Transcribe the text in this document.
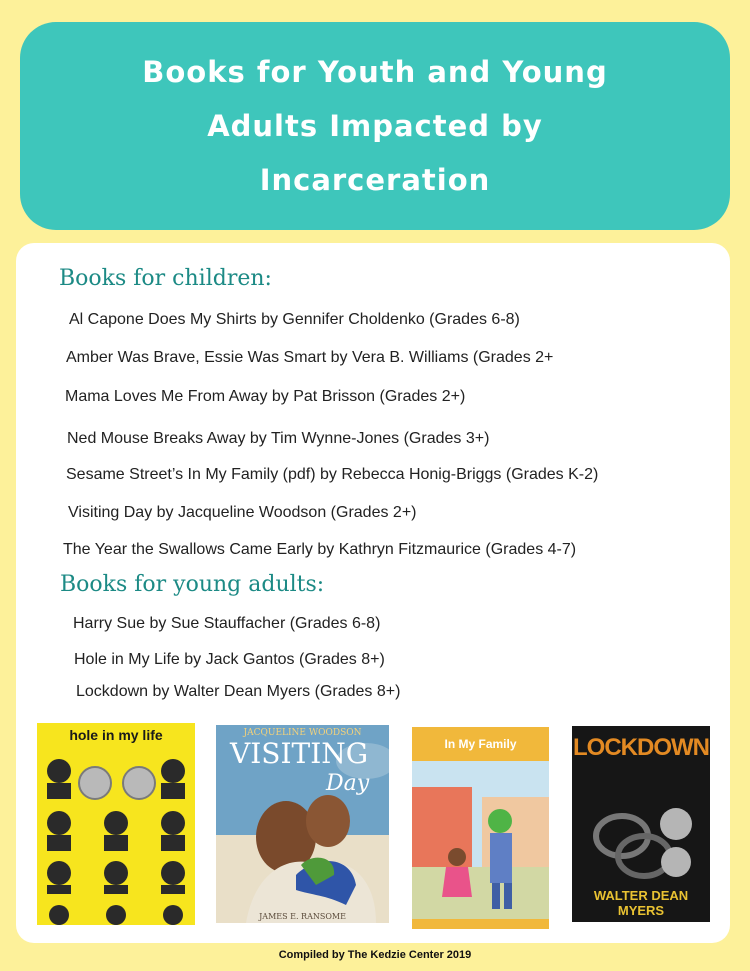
Books for Youth and Young Adults Impacted by Incarceration
Books for children:
Al Capone Does My Shirts by Gennifer Choldenko (Grades 6-8)
Amber Was Brave, Essie Was Smart by Vera B. Williams (Grades 2+
Mama Loves Me From Away by Pat Brisson (Grades 2+)
Ned Mouse Breaks Away by Tim Wynne-Jones (Grades 3+)
Sesame Street’s In My Family (pdf) by Rebecca Honig-Briggs (Grades K-2)
Visiting Day by Jacqueline Woodson (Grades 2+)
The Year the Swallows Came Early by Kathryn Fitzmaurice (Grades 4-7)
Books for young adults:
Harry Sue by Sue Stauffacher (Grades 6-8)
Hole in My Life by Jack Gantos (Grades 8+)
Lockdown by Walter Dean Myers (Grades 8+)
hole in my life	JACQUELINE WOODSON
VISITING
Day
JAMES E. RANSOME
In My Family	LOCKDOWN
WALTER DEAN MYERS
Compiled by The Kedzie Center 2019
